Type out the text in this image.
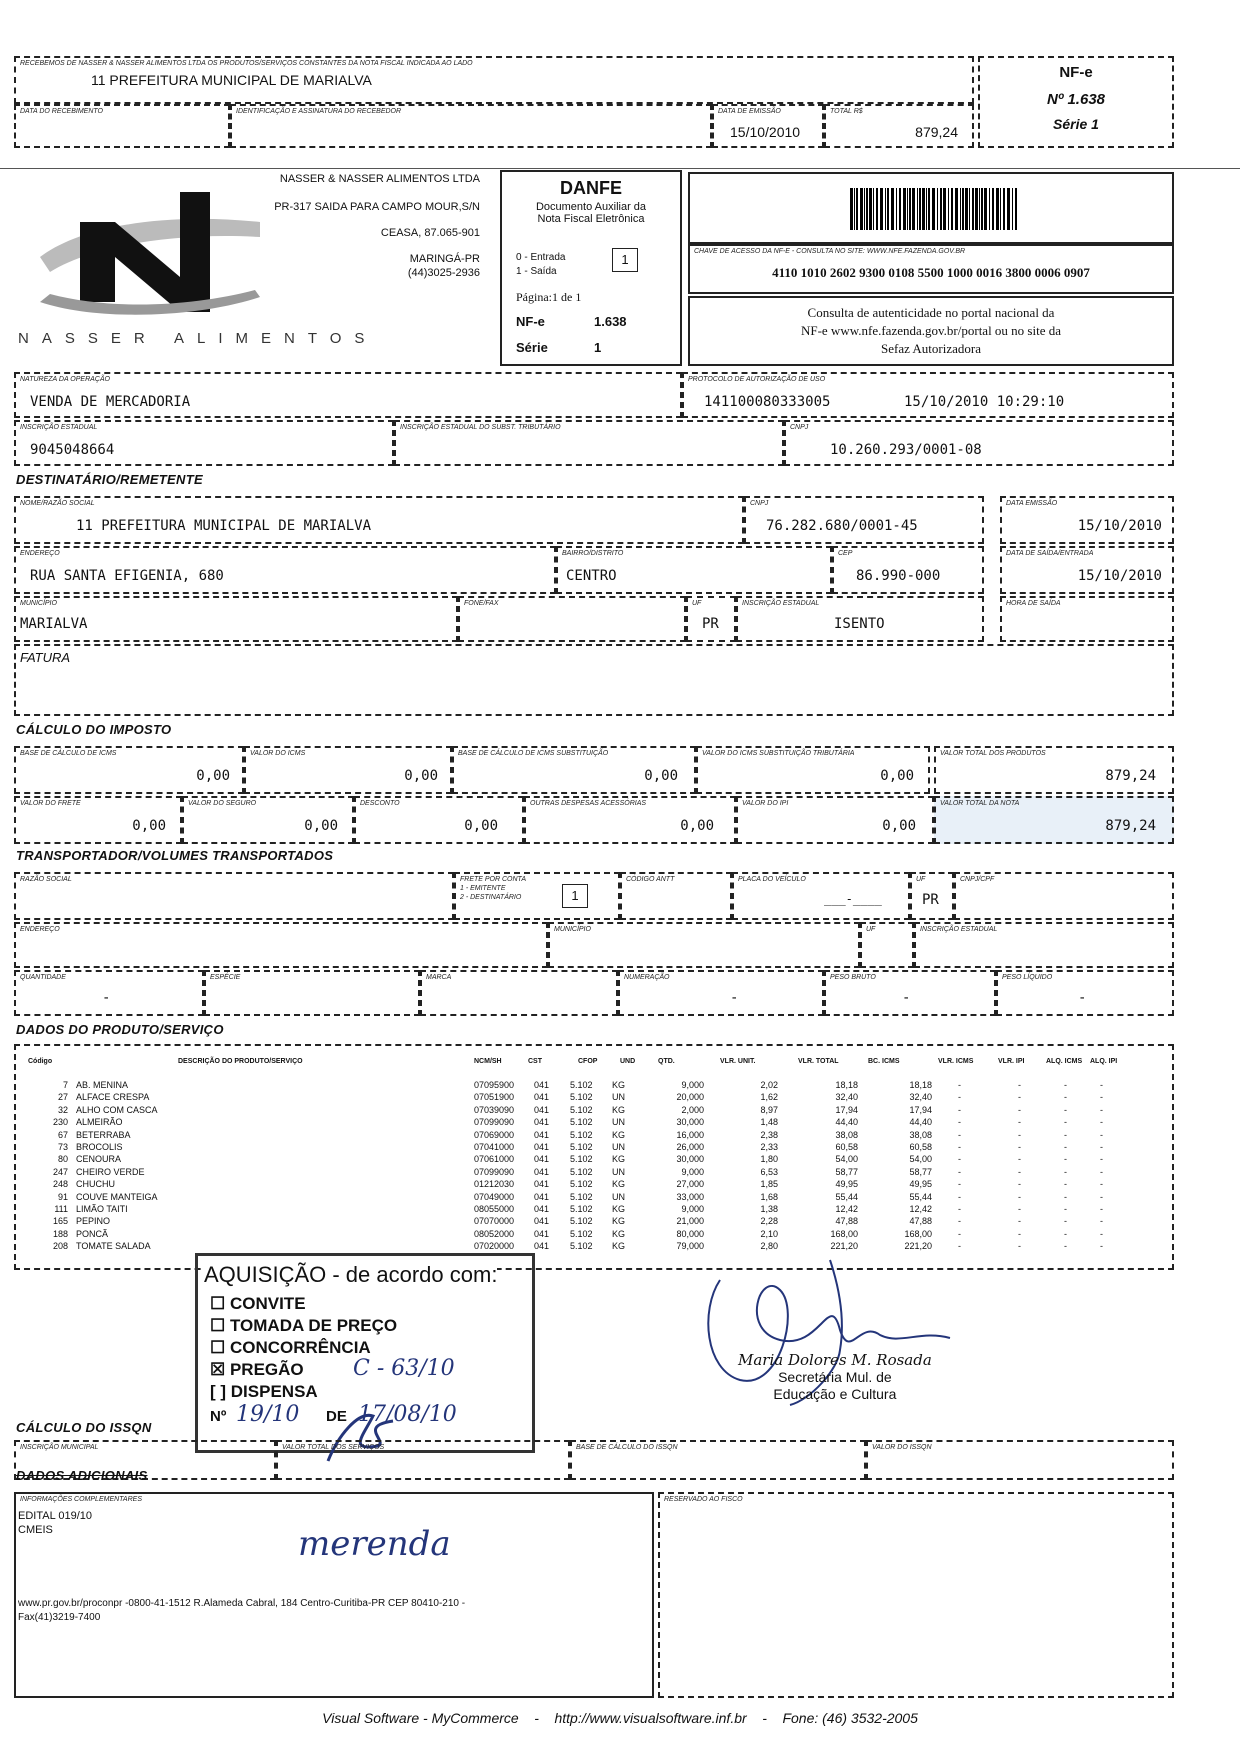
RECEBEMOS DE NASSER & NASSER ALIMENTOS LTDA OS PRODUTOS/SERVIÇOS CONSTANTES DA NOTA FISCAL INDICADA AO LADO
11 PREFEITURA MUNICIPAL DE MARIALVA
DATA DO RECEBIMENTO	IDENTIFICAÇÃO E ASSINATURA DO RECEBEDOR	DATA DE EMISSÃO
15/10/2010
TOTAL R$
879,24
NF-e
Nº 1.638
Série 1
NASSER ALIMENTOS
NASSER & NASSER ALIMENTOS LTDA
PR-317 SAIDA PARA CAMPO MOUR,S/N
CEASA, 87.065-901
MARINGÁ-PR
(44)3025-2936
DANFE
Documento Auxiliar da
Nota Fiscal Eletrônica
0 - Entrada
1 - Saída
1
Página:1 de 1
NF-e	1.638
Série	1
CHAVE DE ACESSO DA NF-E - CONSULTA NO SITE: WWW.NFE.FAZENDA.GOV.BR
4110 1010 2602 9300 0108 5500 1000 0016 3800 0006 0907
Consulta de autenticidade no portal nacional da
NF-e www.nfe.fazenda.gov.br/portal ou no site da
Sefaz Autorizadora
NATUREZA DA OPERAÇÃO
VENDA DE MERCADORIA
PROTOCOLO DE AUTORIZAÇÃO DE USO
141100080333005	15/10/2010 10:29:10
INSCRIÇÃO ESTADUAL
9045048664
INSCRIÇÃO ESTADUAL DO SUBST. TRIBUTÁRIO	CNPJ
10.260.293/0001-08
DESTINATÁRIO/REMETENTE
NOME/RAZÃO SOCIAL
11 PREFEITURA MUNICIPAL DE MARIALVA
CNPJ
76.282.680/0001-45
DATA EMISSÃO
15/10/2010
ENDEREÇO
RUA SANTA EFIGENIA, 680
BAIRRO/DISTRITO
CENTRO
CEP
86.990-000
DATA DE SAÍDA/ENTRADA
15/10/2010
MUNICÍPIO
MARIALVA
FONE/FAX	UF
PR
INSCRIÇÃO ESTADUAL
ISENTO
HORA DE SAÍDA
FATURA
CÁLCULO DO IMPOSTO
BASE DE CÁLCULO DE ICMS
0,00
VALOR DO ICMS
0,00
BASE DE CÁLCULO DE ICMS SUBSTITUIÇÃO
0,00
VALOR DO ICMS SUBSTITUIÇÃO TRIBUTÁRIA
0,00
VALOR TOTAL DOS PRODUTOS
879,24
VALOR DO FRETE
0,00
VALOR DO SEGURO
0,00
DESCONTO
0,00
OUTRAS DESPESAS ACESSÓRIAS
0,00
VALOR DO IPI
0,00
VALOR TOTAL DA NOTA
879,24
TRANSPORTADOR/VOLUMES TRANSPORTADOS
RAZÃO SOCIAL	FRETE POR CONTA
1 - EMITENTE
2 - DESTINATÁRIO	1
CÓDIGO ANTT	PLACA DO VEÍCULO
___-____
UF
PR
CNPJ/CPF
ENDEREÇO	MUNICÍPIO	UF	INSCRIÇÃO ESTADUAL
QUANTIDADE
-
ESPÉCIE	MARCA	NUMERAÇÃO
-
PESO BRUTO
-
PESO LÍQUIDO
-
DADOS DO PRODUTO/SERVIÇO
Código	DESCRIÇÃO DO PRODUTO/SERVIÇO	NCM/SH	CST	CFOP	UND	QTD.	VLR. UNIT.	VLR. TOTAL	BC. ICMS	VLR. ICMS	VLR. IPI	ALQ. ICMS ALQ. IPI
7 AB. MENINA	07095900 041 5.102 KG	9,000	2,02	18,18	18,18	-	-	-	-
27 ALFACE CRESPA	07051900 041 5.102 UN	20,000	1,62	32,40	32,40	-	-	-	-
32 ALHO COM CASCA	07039090 041 5.102 KG	2,000	8,97	17,94	17,94	-	-	-	-
230 ALMEIRÃO	07099090 041 5.102 UN	30,000	1,48	44,40	44,40	-	-	-	-
67 BETERRABA	07069000 041 5.102 KG	16,000	2,38	38,08	38,08	-	-	-	-
73 BROCOLIS	07041000 041 5.102 UN	26,000	2,33	60,58	60,58	-	-	-	-
80 CENOURA	07061000 041 5.102 KG	30,000	1,80	54,00	54,00	-	-	-	-
247 CHEIRO VERDE	07099090 041 5.102 UN	9,000	6,53	58,77	58,77	-	-	-	-
248 CHUCHU	01212030 041 5.102 KG	27,000	1,85	49,95	49,95	-	-	-	-
91 COUVE MANTEIGA	07049000 041 5.102 UN	33,000	1,68	55,44	55,44	-	-	-	-
111 LIMÃO TAITI	08055000 041 5.102 KG	9,000	1,38	12,42	12,42	-	-	-	-
165 PEPINO	07070000 041 5.102 KG	21,000	2,28	47,88	47,88	-	-	-	-
188 PONCÃ	08052000 041 5.102 KG	80,000	2,10	168,00	168,00	-	-	-	-
208 TOMATE SALADA	07020000 041 5.102 KG	79,000	2,80	221,20	221,20	-	-	-	-
AQUISIÇÃO - de acordo com:
☐ CONVITE
☐ TOMADA DE PREÇO
☐ CONCORRÊNCIA
☒ PREGÃO C - 63/10
[ ] DISPENSA
Nº 19/10 DE 17/08/10
Maria Dolores M. Rosada
Secretária Mul. de
Educação e Cultura
CÁLCULO DO ISSQN
INSCRIÇÃO MUNICIPAL	VALOR TOTAL DOS SERVIÇOS	BASE DE CÁLCULO DO ISSQN	VALOR DO ISSQN
DADOS ADICIONAIS
INFORMAÇÕES COMPLEMENTARES
EDITAL 019/10
CMEIS	merenda
www.pr.gov.br/proconpr -0800-41-1512 R.Alameda Cabral, 184 Centro-Curitiba-PR CEP 80410-210 -
Fax(41)3219-7400
RESERVADO AO FISCO
Visual Software - MyCommerce    -    http://www.visualsoftware.inf.br    -    Fone: (46) 3532-2005
